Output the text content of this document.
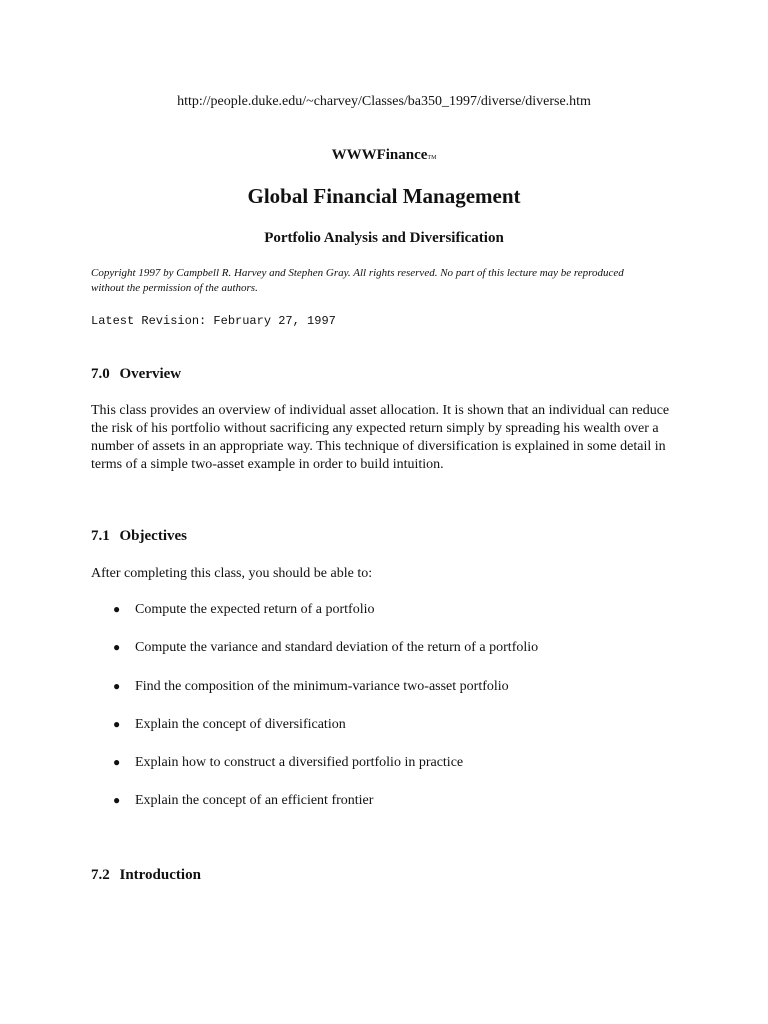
http://people.duke.edu/~charvey/Classes/ba350_1997/diverse/diverse.htm
WWWFinanceTM
Global Financial Management
Portfolio Analysis and Diversification
Copyright 1997 by Campbell R. Harvey and Stephen Gray. All rights reserved. No part of this lecture may be reproduced without the permission of the authors.
Latest Revision: February 27, 1997
7.0 Overview
This class provides an overview of individual asset allocation. It is shown that an individual can reduce the risk of his portfolio without sacrificing any expected return simply by spreading his wealth over a number of assets in an appropriate way. This technique of diversification is explained in some detail in terms of a simple two-asset example in order to build intuition.
7.1 Objectives
After completing this class, you should be able to:
● Compute the expected return of a portfolio
● Compute the variance and standard deviation of the return of a portfolio
● Find the composition of the minimum-variance two-asset portfolio
● Explain the concept of diversification
● Explain how to construct a diversified portfolio in practice
● Explain the concept of an efficient frontier
7.2 Introduction
